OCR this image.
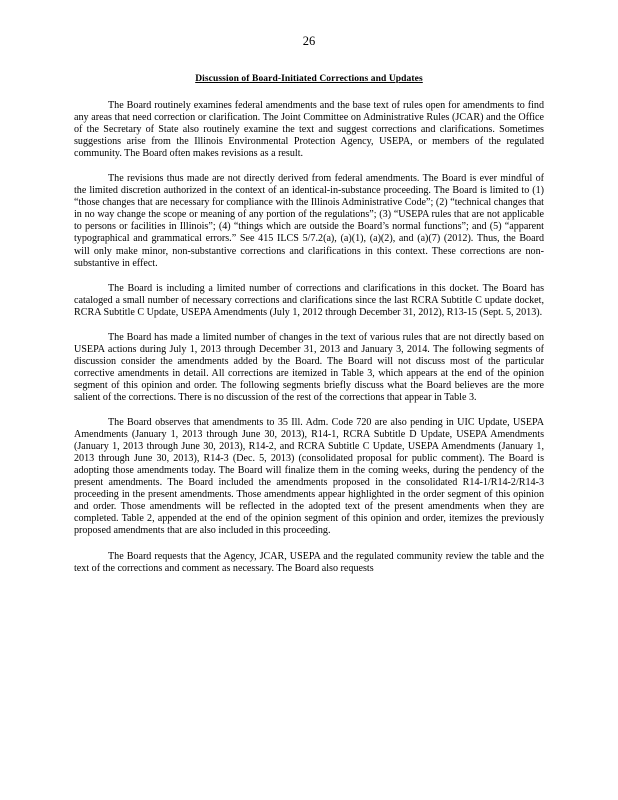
26
Discussion of Board-Initiated Corrections and Updates

The Board routinely examines federal amendments and the base text of rules open for amendments to find any areas that need correction or clarification. The Joint Committee on Administrative Rules (JCAR) and the Office of the Secretary of State also routinely examine the text and suggest corrections and clarifications. Sometimes suggestions arise from the Illinois Environmental Protection Agency, USEPA, or members of the regulated community. The Board often makes revisions as a result.

The revisions thus made are not directly derived from federal amendments. The Board is ever mindful of the limited discretion authorized in the context of an identical-in-substance proceeding. The Board is limited to (1) “those changes that are necessary for compliance with the Illinois Administrative Code”; (2) “technical changes that in no way change the scope or meaning of any portion of the regulations”; (3) “USEPA rules that are not applicable to persons or facilities in Illinois”; (4) “things which are outside the Board’s normal functions”; and (5) “apparent typographical and grammatical errors.” See 415 ILCS 5/7.2(a), (a)(1), (a)(2), and (a)(7) (2012). Thus, the Board will only make minor, non-substantive corrections and clarifications in this context. These corrections are non-substantive in effect.

The Board is including a limited number of corrections and clarifications in this docket. The Board has cataloged a small number of necessary corrections and clarifications since the last RCRA Subtitle C update docket, RCRA Subtitle C Update, USEPA Amendments (July 1, 2012 through December 31, 2012), R13-15 (Sept. 5, 2013).

The Board has made a limited number of changes in the text of various rules that are not directly based on USEPA actions during July 1, 2013 through December 31, 2013 and January 3, 2014. The following segments of discussion consider the amendments added by the Board. The Board will not discuss most of the particular corrective amendments in detail. All corrections are itemized in Table 3, which appears at the end of the opinion segment of this opinion and order. The following segments briefly discuss what the Board believes are the more salient of the corrections. There is no discussion of the rest of the corrections that appear in Table 3.

The Board observes that amendments to 35 Ill. Adm. Code 720 are also pending in UIC Update, USEPA Amendments (January 1, 2013 through June 30, 2013), R14-1, RCRA Subtitle D Update, USEPA Amendments (January 1, 2013 through June 30, 2013), R14-2, and RCRA Subtitle C Update, USEPA Amendments (January 1, 2013 through June 30, 2013), R14-3 (Dec. 5, 2013) (consolidated proposal for public comment). The Board is adopting those amendments today. The Board will finalize them in the coming weeks, during the pendency of the present amendments. The Board included the amendments proposed in the consolidated R14-1/R14-2/R14-3 proceeding in the present amendments. Those amendments appear highlighted in the order segment of this opinion and order. Those amendments will be reflected in the adopted text of the present amendments when they are completed. Table 2, appended at the end of the opinion segment of this opinion and order, itemizes the previously proposed amendments that are also included in this proceeding.

The Board requests that the Agency, JCAR, USEPA and the regulated community review the table and the text of the corrections and comment as necessary. The Board also requests
